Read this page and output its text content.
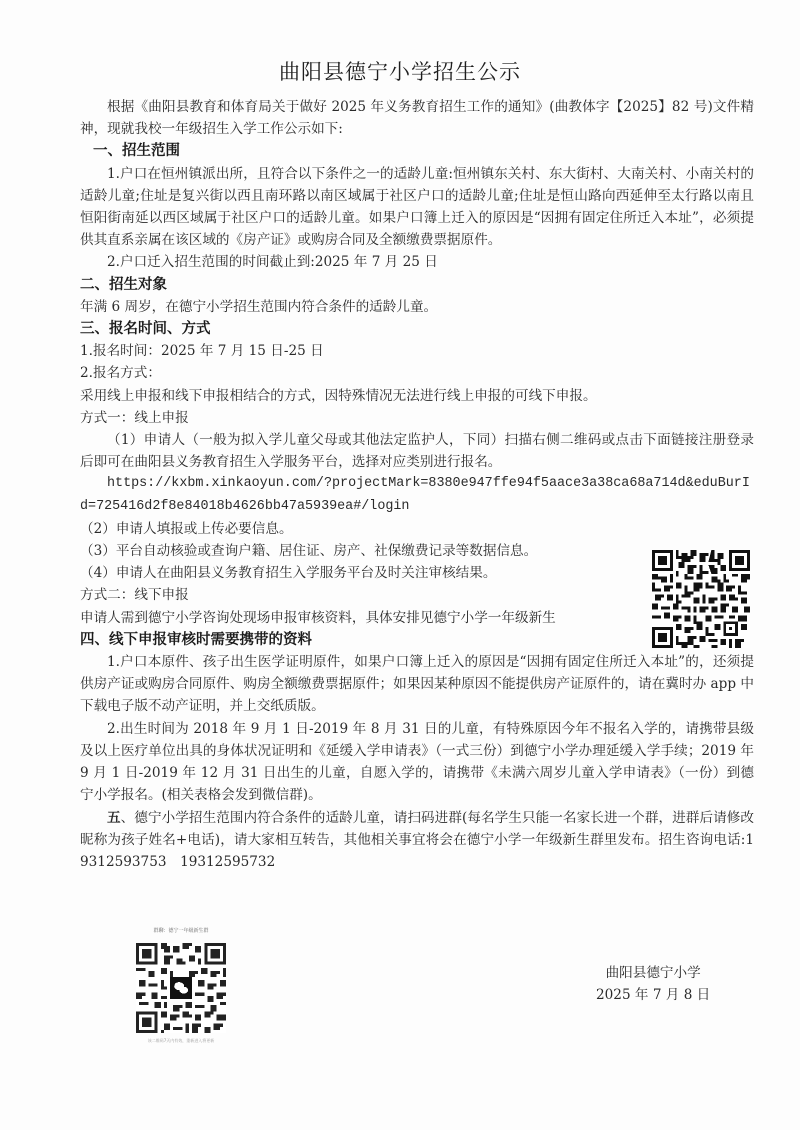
曲阳县德宁小学招生公示

根据《曲阳县教育和体育局关于做好 2025 年义务教育招生工作的通知》(曲教体字【2025】82 号)文件精神，现就我校一年级招生入学工作公示如下:

一、招生范围

1.户口在恒州镇派出所，且符合以下条件之一的适龄儿童:恒州镇东关村、东大街村、大南关村、小南关村的适龄儿童;住址是复兴街以西且南环路以南区域属于社区户口的适龄儿童;住址是恒山路向西延伸至太行路以南且恒阳街南延以西区域属于社区户口的适龄儿童。如果户口簿上迁入的原因是“因拥有固定住所迁入本址”，必须提供其直系亲属在该区域的《房产证》或购房合同及全额缴费票据原件。

2.户口迁入招生范围的时间截止到:2025 年 7 月 25 日

二、招生对象

年满 6 周岁，在德宁小学招生范围内符合条件的适龄儿童。

三、报名时间、方式

1.报名时间：2025 年 7 月 15 日-25 日

2.报名方式：

采用线上申报和线下申报相结合的方式，因特殊情况无法进行线上申报的可线下申报。

方式一：线上申报

（1）申请人（一般为拟入学儿童父母或其他法定监护人，下同）扫描右侧二维码或点击下面链接注册登录后即可在曲阳县义务教育招生入学服务平台，选择对应类别进行报名。

https://kxbm.xinkaoyun.com/?projectMark=8380e947ffe94f5aace3a38ca68a714d&eduBurId=725416d2f8e84018b4626bb47a5939ea#/login

（2）申请人填报或上传必要信息。

（3）平台自动核验或查询户籍、居住证、房产、社保缴费记录等数据信息。

（4）申请人在曲阳县义务教育招生入学服务平台及时关注审核结果。

方式二：线下申报

申请人需到德宁小学咨询处现场申报审核资料，具体安排见德宁小学一年级新生

四、线下申报审核时需要携带的资料

1.户口本原件、孩子出生医学证明原件，如果户口簿上迁入的原因是“因拥有固定住所迁入本址”的，还须提供房产证或购房合同原件、购房全额缴费票据原件；如果因某种原因不能提供房产证原件的，请在冀时办 app 中下载电子版不动产证明，并上交纸质版。

2.出生时间为 2018 年 9 月 1 日-2019 年 8 月 31 日的儿童，有特殊原因今年不报名入学的，请携带县级及以上医疗单位出具的身体状况证明和《延缓入学申请表》（一式三份）到德宁小学办理延缓入学手续；2019 年 9 月 1 日-2019 年 12 月 31 日出生的儿童，自愿入学的，请携带《未满六周岁儿童入学申请表》（一份）到德宁小学报名。(相关表格会发到微信群)。

五、德宁小学招生范围内符合条件的适龄儿童，请扫码进群(每名学生只能一名家长进一个群，进群后请修改昵称为孩子姓名+电话)，请大家相互转告，其他相关事宜将会在德宁小学一年级新生群里发布。招生咨询电话:19312593753　19312595732

群聊：德宁一年级新生群
该二维码7天内有效，重新进入将更新
曲阳县德宁小学
2025 年 7 月 8 日
